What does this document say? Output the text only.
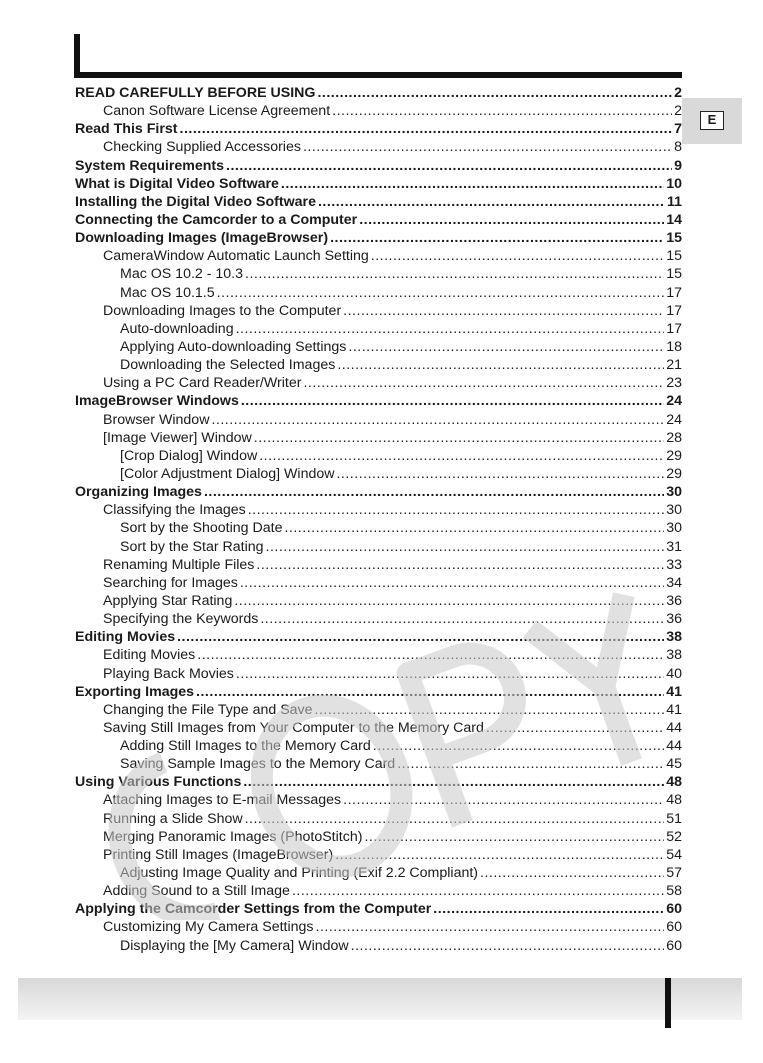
E
READ CAREFULLY BEFORE USING .....	2
Canon Software License Agreement .....	2
Read This First .....	7
Checking Supplied Accessories .....	8
System Requirements .....	9
What is Digital Video Software .....	10
Installing the Digital Video Software .....	11
Connecting the Camcorder to a Computer .....	14
Downloading Images (ImageBrowser) .....	15
CameraWindow Automatic Launch Setting .....	15
Mac OS 10.2 - 10.3 .....	15
Mac OS 10.1.5 .....	17
Downloading Images to the Computer .....	17
Auto-downloading .....	17
Applying Auto-downloading Settings .....	18
Downloading the Selected Images .....	21
Using a PC Card Reader/Writer .....	23
ImageBrowser Windows .....	24
Browser Window .....	24
[Image Viewer] Window .....	28
[Crop Dialog] Window .....	29
[Color Adjustment Dialog] Window .....	29
Organizing Images .....	30
Classifying the Images .....	30
Sort by the Shooting Date .....	30
Sort by the Star Rating .....	31
Renaming Multiple Files .....	33
Searching for Images .....	34
Applying Star Rating .....	36
Specifying the Keywords .....	36
Editing Movies .....	38
Editing Movies .....	38
Playing Back Movies .....	40
Exporting Images .....	41
Changing the File Type and Save .....	41
Saving Still Images from Your Computer to the Memory Card .....	44
Adding Still Images to the Memory Card .....	44
Saving Sample Images to the Memory Card .....	45
Using Various Functions .....	48
Attaching Images to E-mail Messages .....	48
Running a Slide Show .....	51
Merging Panoramic Images (PhotoStitch) .....	52
Printing Still Images (ImageBrowser) .....	54
Adjusting Image Quality and Printing (Exif 2.2 Compliant) .....	57
Adding Sound to a Still Image .....	58
Applying the Camcorder Settings from the Computer .....	60
Customizing My Camera Settings .....	60
Displaying the [My Camera] Window .....	60
